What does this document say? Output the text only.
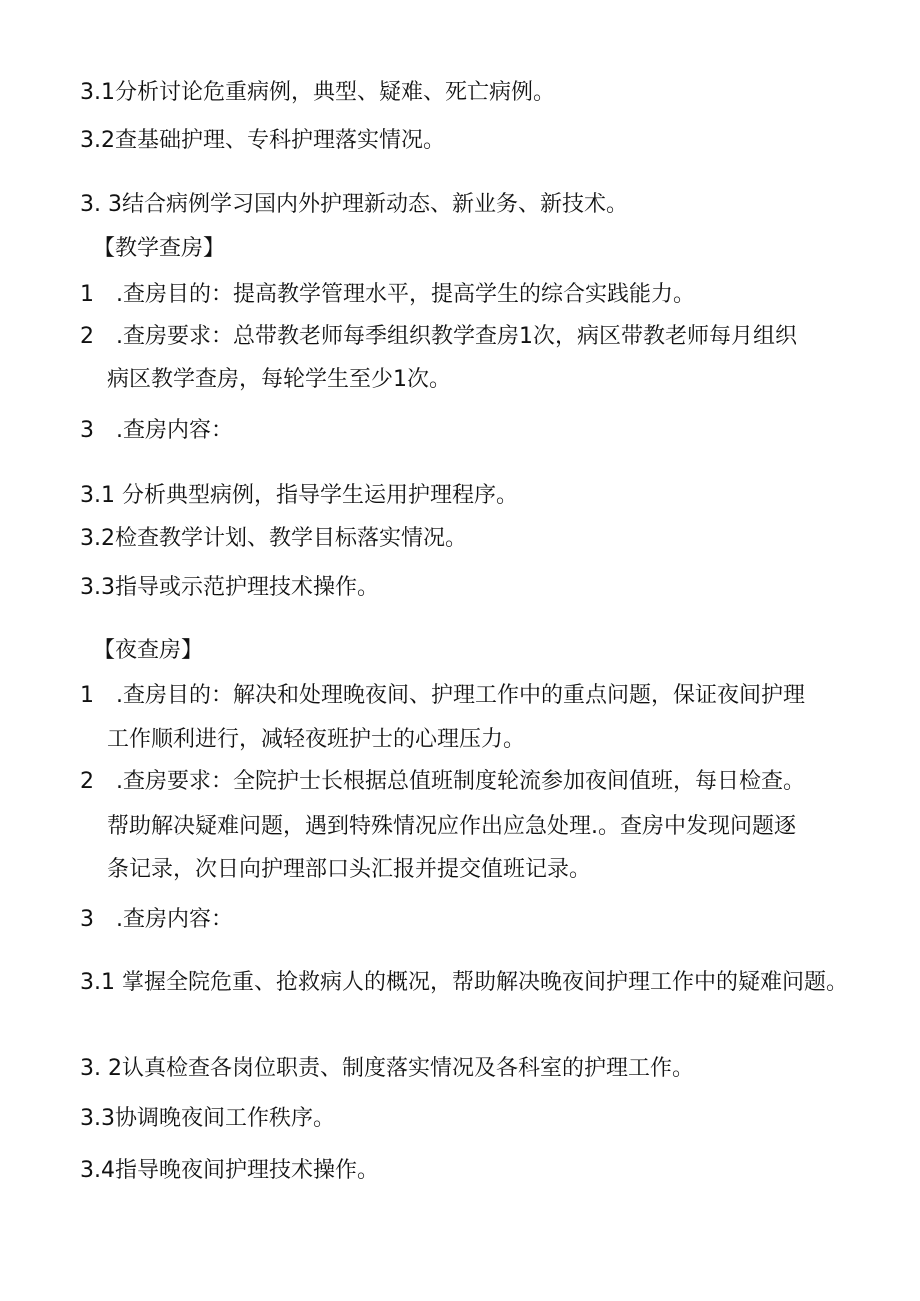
3.1分析讨论危重病例，典型、疑难、死亡病例。
3.2查基础护理、专科护理落实情况。
3. 3结合病例学习国内外护理新动态、新业务、新技术。
【教学查房】
1 .查房目的：提高教学管理水平，提高学生的综合实践能力。
2 .查房要求：总带教老师每季组织教学查房1次，病区带教老师每月组织
病区教学查房，每轮学生至少1次。
3 .查房内容：
3.1 分析典型病例，指导学生运用护理程序。
3.2检查教学计划、教学目标落实情况。
3.3指导或示范护理技术操作。
【夜查房】
1 .查房目的：解决和处理晚夜间、护理工作中的重点问题，保证夜间护理
工作顺利进行，减轻夜班护士的心理压力。
2 .查房要求：全院护士长根据总值班制度轮流参加夜间值班，每日检查。
帮助解决疑难问题，遇到特殊情况应作出应急处理.。查房中发现问题逐
条记录，次日向护理部口头汇报并提交值班记录。
3 .查房内容：
3.1 掌握全院危重、抢救病人的概况，帮助解决晚夜间护理工作中的疑难问题。
3. 2认真检查各岗位职责、制度落实情况及各科室的护理工作。
3.3协调晚夜间工作秩序。
3.4指导晚夜间护理技术操作。
